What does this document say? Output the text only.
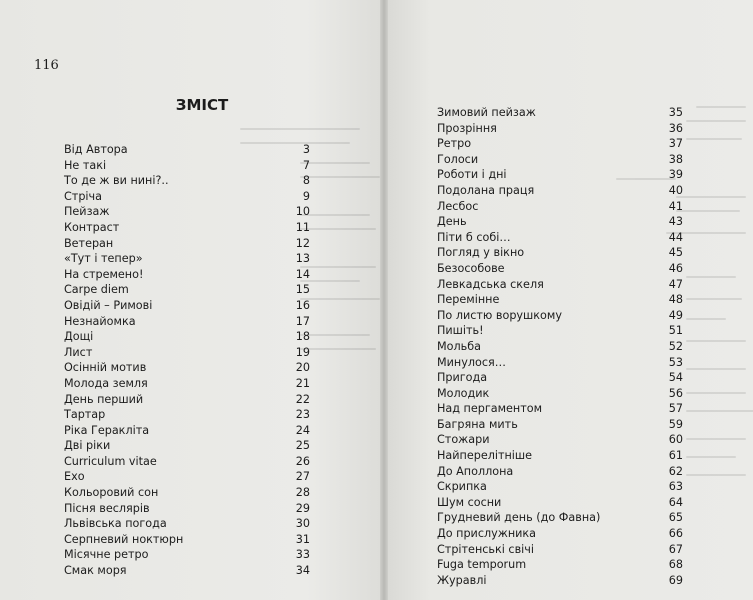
116
ЗМІСТ
Від Автора	3
Не такі	7
То де ж ви нині?..	8
Стріча	9
Пейзаж	10
Контраст	11
Ветеран	12
«Тут і тепер»	13
На стремено!	14
Carpe diem	15
Овідій – Римові	16
Незнайомка	17
Дощі	18
Лист	19
Осінній мотив	20
Молода земля	21
День перший	22
Тартар	23
Ріка Геракліта	24
Дві ріки	25
Curriculum vitae	26
Ехо	27
Кольоровий сон	28
Пісня веслярів	29
Львівська погода	30
Серпневий ноктюрн	31
Місячне ретро	33
Смак моря	34
Зимовий пейзаж	35
Прозріння	36
Ретро	37
Голоси	38
Роботи і дні	39
Подолана праця	40
Лесбос	41
День	43
Піти б собі…	44
Погляд у вікно	45
Безособове	46
Левкадська скеля	47
Перемінне	48
По листю ворушкому	49
Пишіть!	51
Мольба	52
Минулося…	53
Пригода	54
Молодик	56
Над пергаментом	57
Багряна мить	59
Стожари	60
Найперелітніше	61
До Аполлона	62
Скрипка	63
Шум сосни	64
Грудневий день (до Фавна)	65
До прислужника	66
Стрітенські свічі	67
Fuga temporum	68
Журавлі	69
